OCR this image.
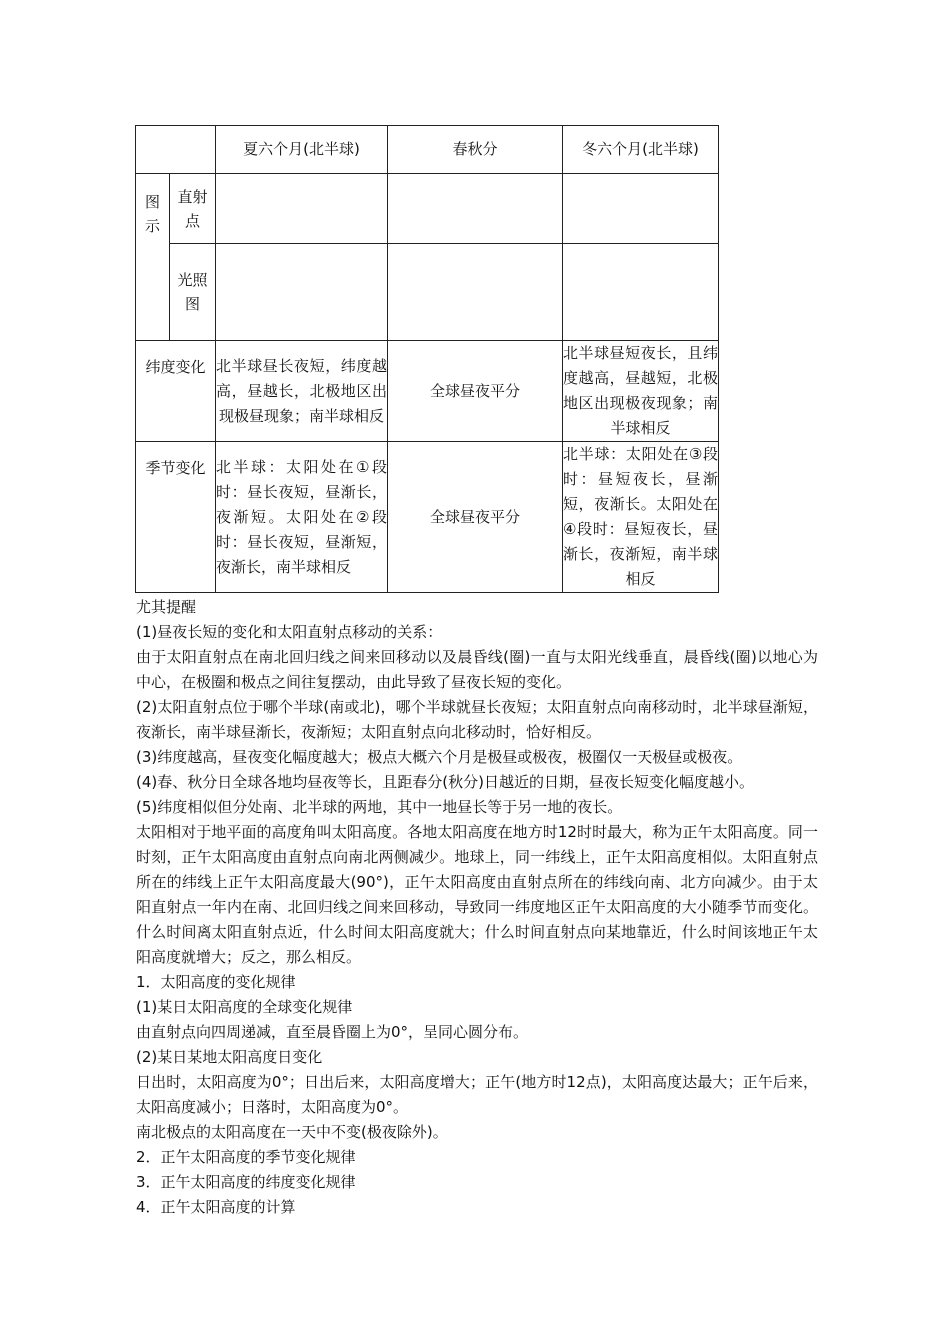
		夏六个月(北半球)	春秋分	冬六个月(北半球)

图示	直射点			

	光照图			

纬度变化		北半球昼长夜短，纬度越高，昼越长，北极地区出现极昼现象；南半球相反	全球昼夜平分	北半球昼短夜长，且纬度越高，昼越短，北极地区出现极夜现象；南半球相反
季节变化		北半球：太阳处在①段时：昼长夜短，昼渐长，夜渐短。太阳处在②段时：昼长夜短，昼渐短，夜渐长，南半球相反	全球昼夜平分	北半球：太阳处在③段时：昼短夜长，昼渐短，夜渐长。太阳处在④段时：昼短夜长，昼渐长，夜渐短，南半球相反

尤其提醒

(1)昼夜长短的变化和太阳直射点移动的关系：

由于太阳直射点在南北回归线之间来回移动以及晨昏线(圈)一直与太阳光线垂直，晨昏线(圈)以地心为中心，在极圈和极点之间往复摆动，由此导致了昼夜长短的变化。

(2)太阳直射点位于哪个半球(南或北)，哪个半球就昼长夜短；太阳直射点向南移动时，北半球昼渐短，夜渐长，南半球昼渐长，夜渐短；太阳直射点向北移动时，恰好相反。

(3)纬度越高，昼夜变化幅度越大；极点大概六个月是极昼或极夜，极圈仅一天极昼或极夜。

(4)春、秋分日全球各地均昼夜等长，且距春分(秋分)日越近的日期，昼夜长短变化幅度越小。

(5)纬度相似但分处南、北半球的两地，其中一地昼长等于另一地的夜长。

太阳相对于地平面的高度角叫太阳高度。各地太阳高度在地方时12时时最大，称为正午太阳高度。同一时刻，正午太阳高度由直射点向南北两侧减少。地球上，同一纬线上，正午太阳高度相似。太阳直射点所在的纬线上正午太阳高度最大(90°)，正午太阳高度由直射点所在的纬线向南、北方向减少。由于太阳直射点一年内在南、北回归线之间来回移动，导致同一纬度地区正午太阳高度的大小随季节而变化。什么时间离太阳直射点近，什么时间太阳高度就大；什么时间直射点向某地靠近，什么时间该地正午太阳高度就增大；反之，那么相反。

1．太阳高度的变化规律

(1)某日太阳高度的全球变化规律

由直射点向四周递减，直至晨昏圈上为0°，呈同心圆分布。

(2)某日某地太阳高度日变化

日出时，太阳高度为0°；日出后来，太阳高度增大；正午(地方时12点)，太阳高度达最大；正午后来，太阳高度减小；日落时，太阳高度为0°。

南北极点的太阳高度在一天中不变(极夜除外)。

2．正午太阳高度的季节变化规律

3．正午太阳高度的纬度变化规律

4．正午太阳高度的计算
